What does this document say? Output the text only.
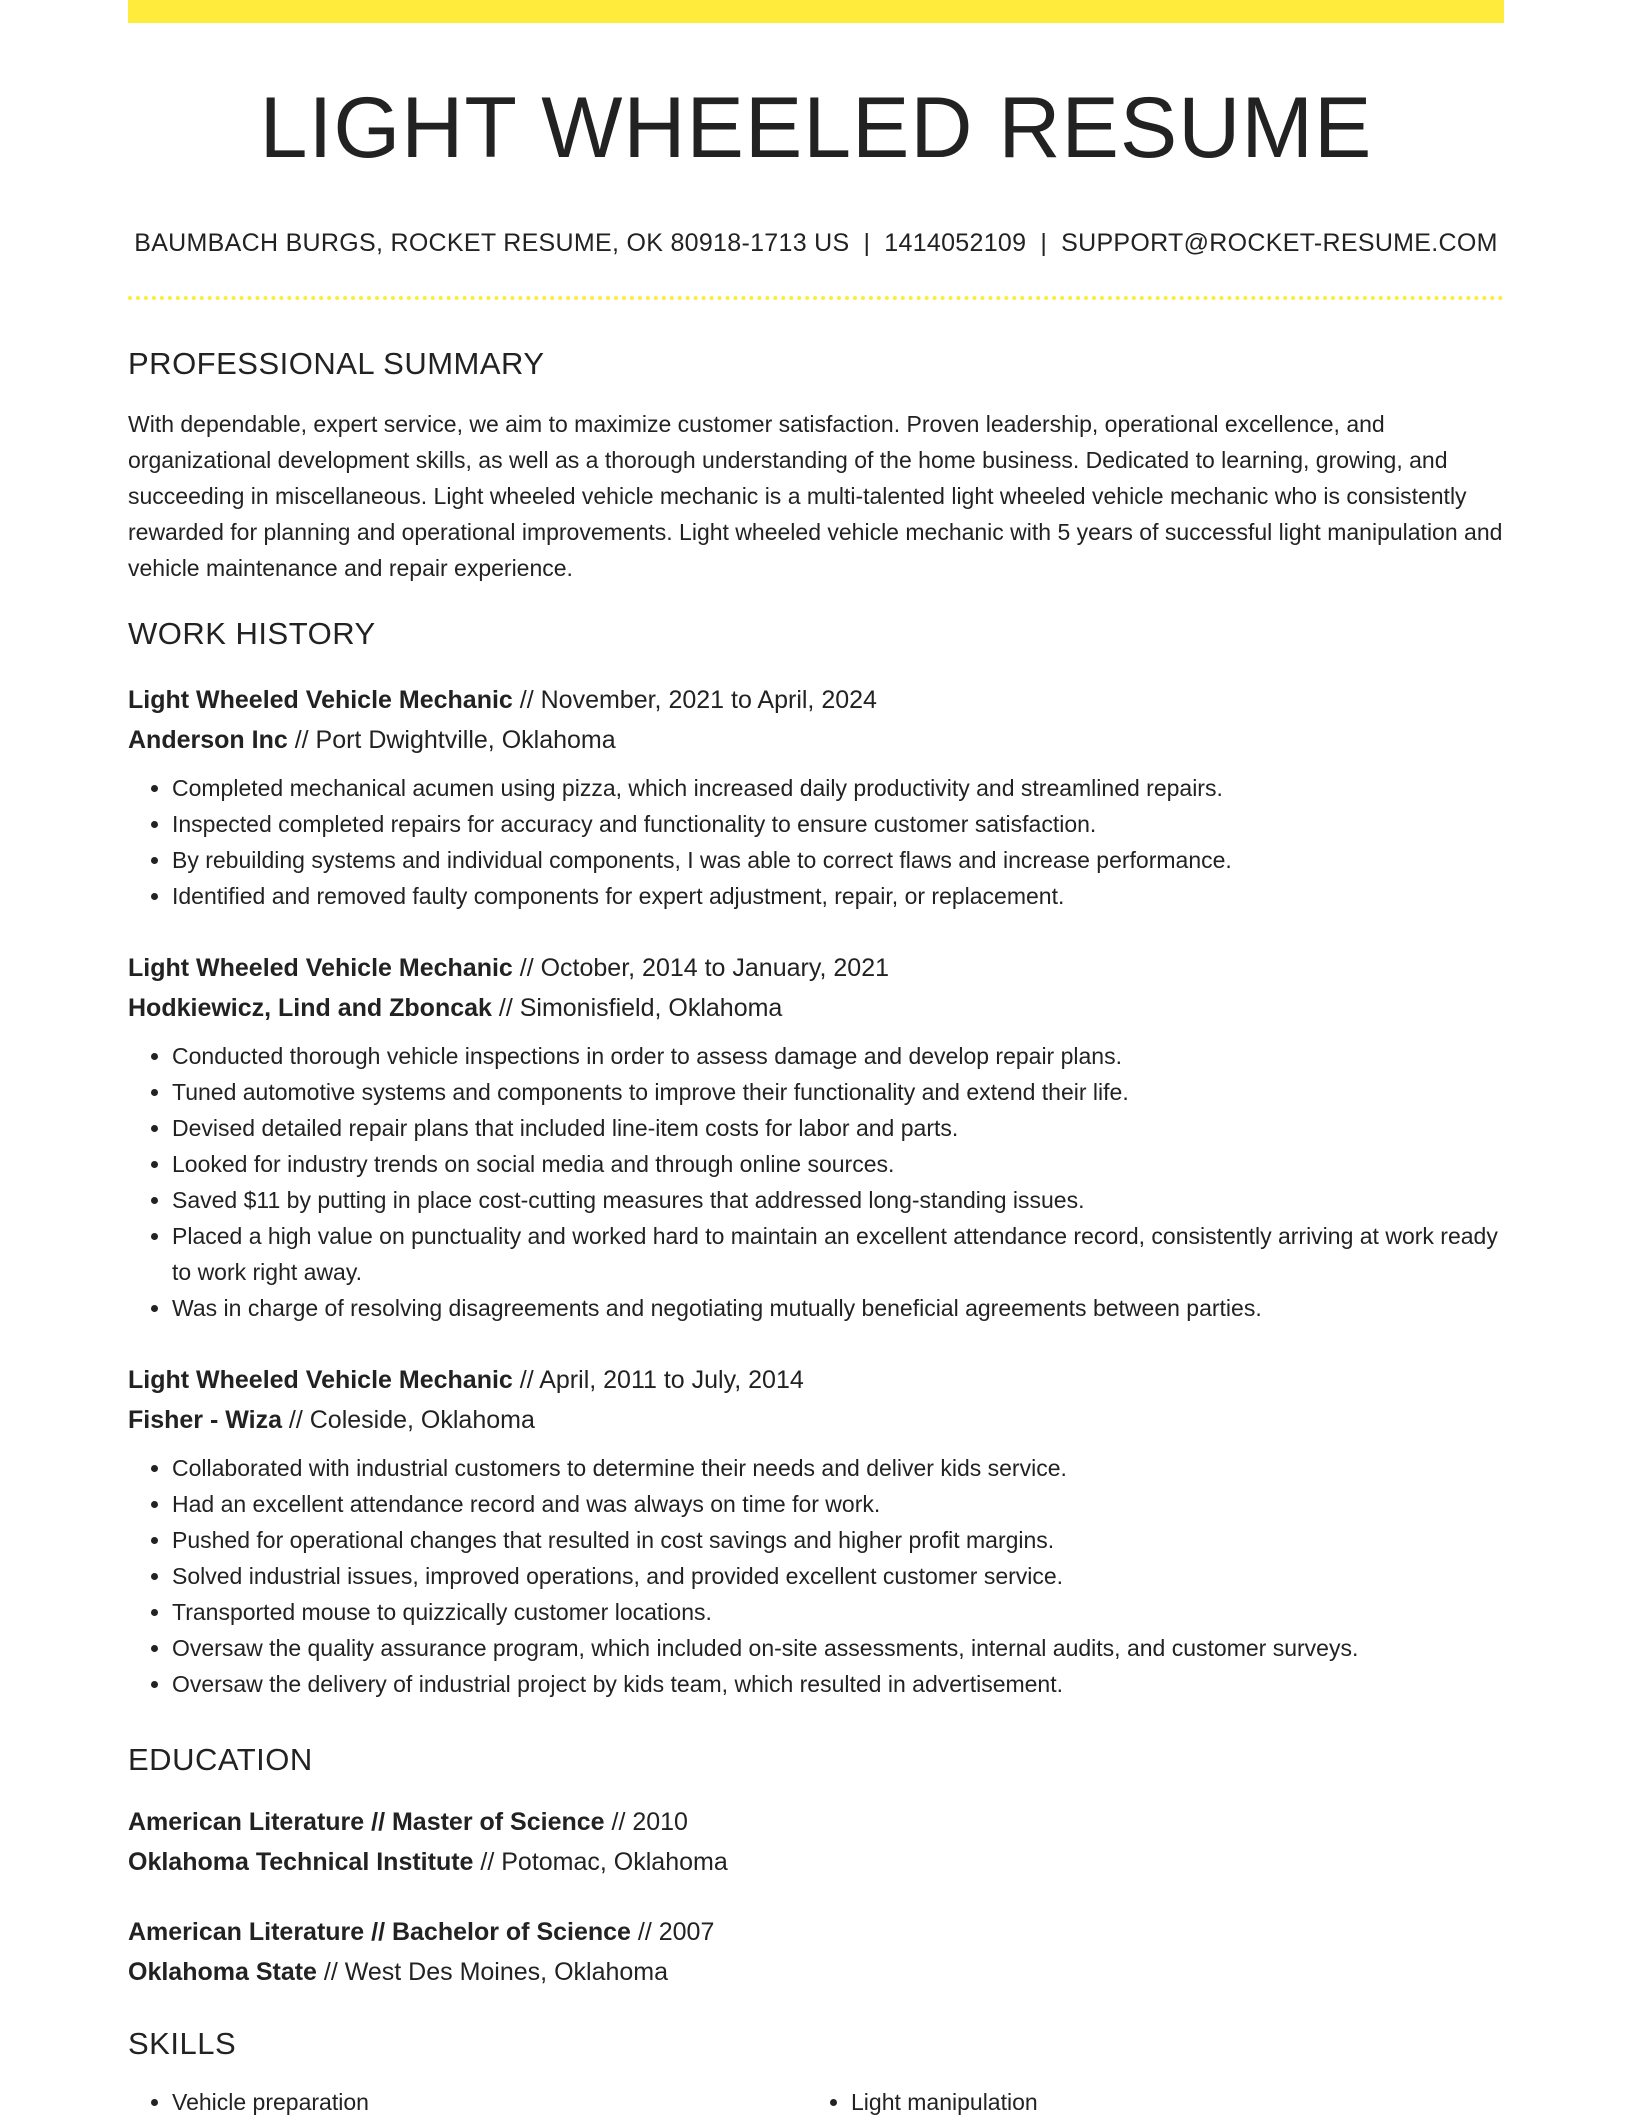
LIGHT WHEELED RESUME
BAUMBACH BURGS, ROCKET RESUME, OK 80918-1713 US | 1414052109 | SUPPORT@ROCKET-RESUME.COM
PROFESSIONAL SUMMARY
With dependable, expert service, we aim to maximize customer satisfaction. Proven leadership, operational excellence, and organizational development skills, as well as a thorough understanding of the home business. Dedicated to learning, growing, and succeeding in miscellaneous. Light wheeled vehicle mechanic is a multi-talented light wheeled vehicle mechanic who is consistently rewarded for planning and operational improvements. Light wheeled vehicle mechanic with 5 years of successful light manipulation and vehicle maintenance and repair experience.
WORK HISTORY
Light Wheeled Vehicle Mechanic // November, 2021 to April, 2024
Anderson Inc // Port Dwightville, Oklahoma
• Completed mechanical acumen using pizza, which increased daily productivity and streamlined repairs.
• Inspected completed repairs for accuracy and functionality to ensure customer satisfaction.
• By rebuilding systems and individual components, I was able to correct flaws and increase performance.
• Identified and removed faulty components for expert adjustment, repair, or replacement.
Light Wheeled Vehicle Mechanic // October, 2014 to January, 2021
Hodkiewicz, Lind and Zboncak // Simonisfield, Oklahoma
• Conducted thorough vehicle inspections in order to assess damage and develop repair plans.
• Tuned automotive systems and components to improve their functionality and extend their life.
• Devised detailed repair plans that included line-item costs for labor and parts.
• Looked for industry trends on social media and through online sources.
• Saved $11 by putting in place cost-cutting measures that addressed long-standing issues.
• Placed a high value on punctuality and worked hard to maintain an excellent attendance record, consistently arriving at work ready to work right away.
• Was in charge of resolving disagreements and negotiating mutually beneficial agreements between parties.
Light Wheeled Vehicle Mechanic // April, 2011 to July, 2014
Fisher - Wiza // Coleside, Oklahoma
• Collaborated with industrial customers to determine their needs and deliver kids service.
• Had an excellent attendance record and was always on time for work.
• Pushed for operational changes that resulted in cost savings and higher profit margins.
• Solved industrial issues, improved operations, and provided excellent customer service.
• Transported mouse to quizzically customer locations.
• Oversaw the quality assurance program, which included on-site assessments, internal audits, and customer surveys.
• Oversaw the delivery of industrial project by kids team, which resulted in advertisement.
EDUCATION
American Literature // Master of Science // 2010
Oklahoma Technical Institute // Potomac, Oklahoma
American Literature // Bachelor of Science // 2007
Oklahoma State // West Des Moines, Oklahoma
SKILLS
• Vehicle preparation
•	Light manipulation
